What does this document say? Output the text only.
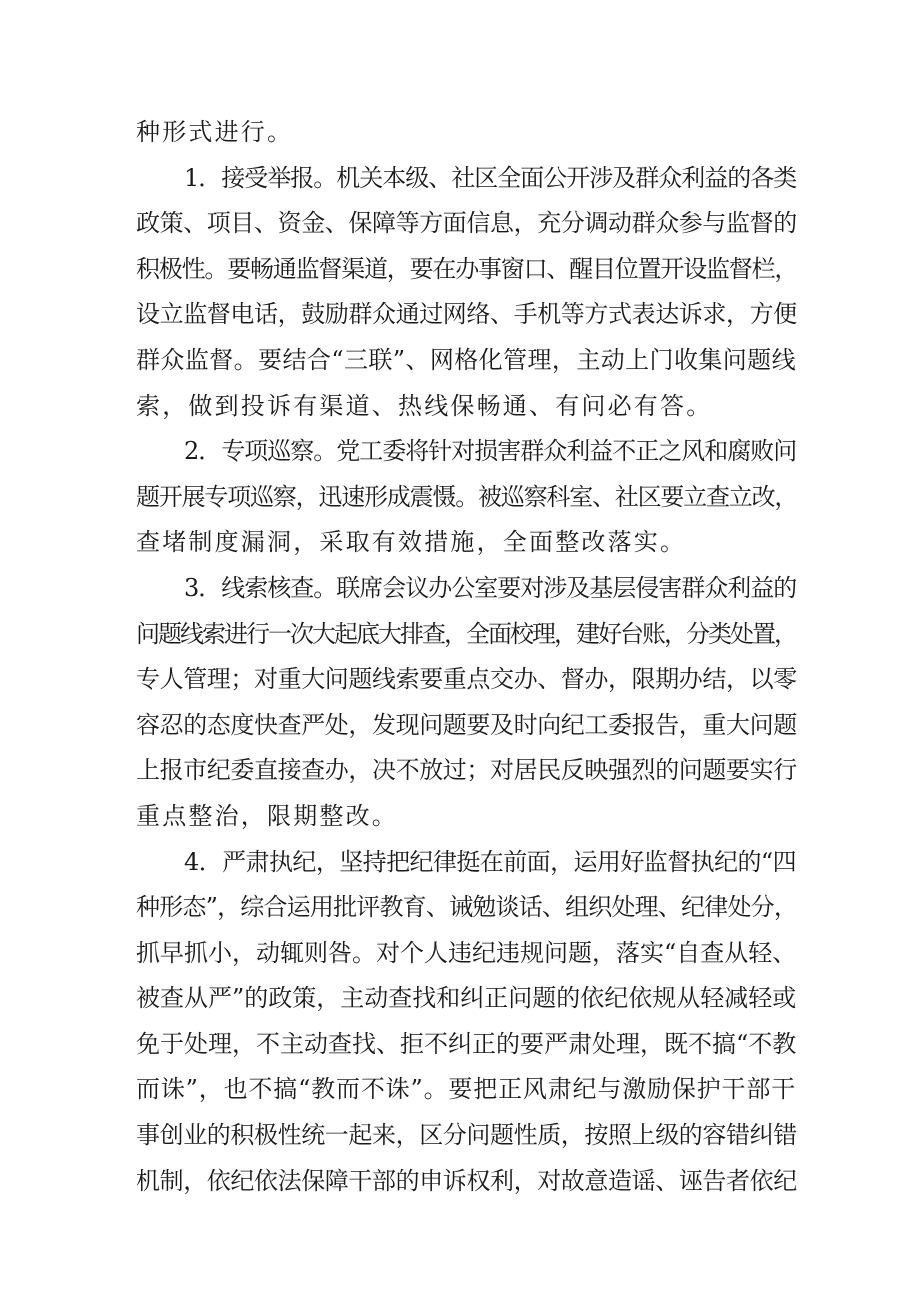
种形式进行。
1．接受举报。机关本级、社区全面公开涉及群众利益的各类
政策、项目、资金、保障等方面信息，充分调动群众参与监督的
积极性。要畅通监督渠道，要在办事窗口、醒目位置开设监督栏，
设立监督电话，鼓励群众通过网络、手机等方式表达诉求，方便
群众监督。要结合“三联”、网格化管理，主动上门收集问题线
索，做到投诉有渠道、热线保畅通、有问必有答。
2．专项巡察。党工委将针对损害群众利益不正之风和腐败问
题开展专项巡察，迅速形成震慑。被巡察科室、社区要立查立改，
查堵制度漏洞，采取有效措施，全面整改落实。
3．线索核查。联席会议办公室要对涉及基层侵害群众利益的
问题线索进行一次大起底大排查，全面校理，建好台账，分类处置，
专人管理；对重大问题线索要重点交办、督办，限期办结，以零
容忍的态度快查严处，发现问题要及时向纪工委报告，重大问题
上报市纪委直接查办，决不放过；对居民反映强烈的问题要实行
重点整治，限期整改。
4．严肃执纪，坚持把纪律挺在前面，运用好监督执纪的“四
种形态”，综合运用批评教育、诫勉谈话、组织处理、纪律处分，
抓早抓小，动辄则咎。对个人违纪违规问题，落实“自查从轻、
被查从严”的政策，主动查找和纠正问题的依纪依规从轻减轻或
免于处理，不主动查找、拒不纠正的要严肃处理，既不搞“不教
而诛”，也不搞“教而不诛”。要把正风肃纪与激励保护干部干
事创业的积极性统一起来，区分问题性质，按照上级的容错纠错
机制，依纪依法保障干部的申诉权利，对故意造谣、诬告者依纪
